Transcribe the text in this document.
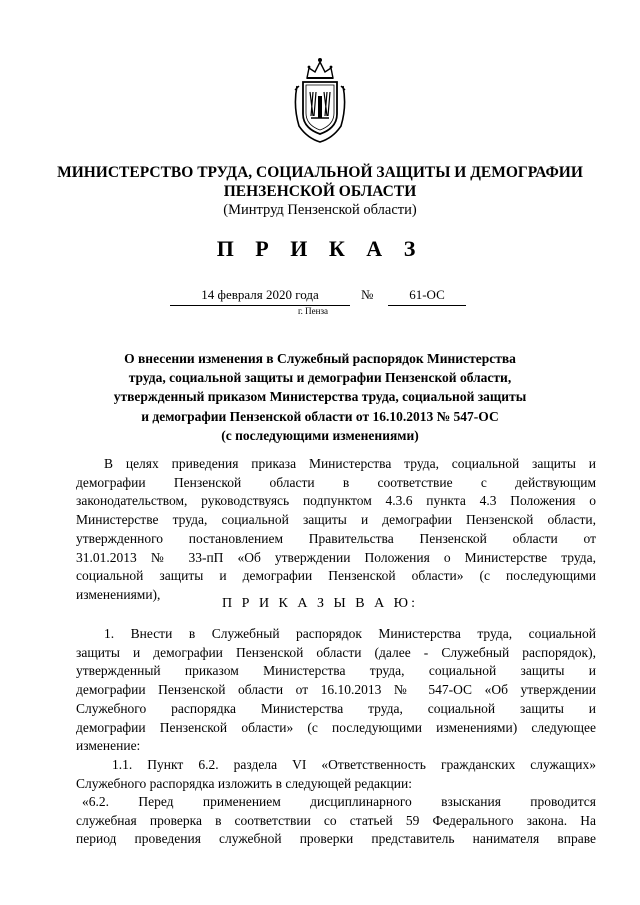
МИНИСТЕРСТВО ТРУДА, СОЦИАЛЬНОЙ ЗАЩИТЫ И ДЕМОГРАФИИ
ПЕНЗЕНСКОЙ ОБЛАСТИ
(Минтруд Пензенской области)
П Р И К А З
14 февраля 2020 года	№	61-ОС
г. Пенза
О внесении изменения в Служебный распорядок Министерства
труда, социальной защиты и демографии Пензенской области,
утвержденный приказом Министерства труда, социальной защиты
и демографии Пензенской области от 16.10.2013 № 547-ОС
(с последующими изменениями)
В целях приведения приказа Министерства труда, социальной защиты и
демографии Пензенской области в соответствие с действующим
законодательством, руководствуясь подпунктом 4.3.6 пункта 4.3 Положения о
Министерстве труда, социальной защиты и демографии Пензенской области,
утвержденного постановлением Правительства Пензенской области от
31.01.2013 № 33-пП «Об утверждении Положения о Министерстве труда,
социальной защиты и демографии Пензенской области» (с последующими
изменениями),
П Р И К А З Ы В А Ю:
1. Внести в Служебный распорядок Министерства труда, социальной
защиты и демографии Пензенской области (далее - Служебный распорядок),
утвержденный приказом Министерства труда, социальной защиты и
демографии Пензенской области от 16.10.2013 № 547-ОС «Об утверждении
Служебного распорядка Министерства труда, социальной защиты и
демографии Пензенской области» (с последующими изменениями) следующее
изменение:
1.1. Пункт 6.2. раздела VI «Ответственность гражданских служащих»
Служебного распорядка изложить в следующей редакции:
«6.2. Перед применением дисциплинарного взыскания проводится
служебная проверка в соответствии со статьей 59 Федерального закона. На
период проведения служебной проверки представитель нанимателя вправе
